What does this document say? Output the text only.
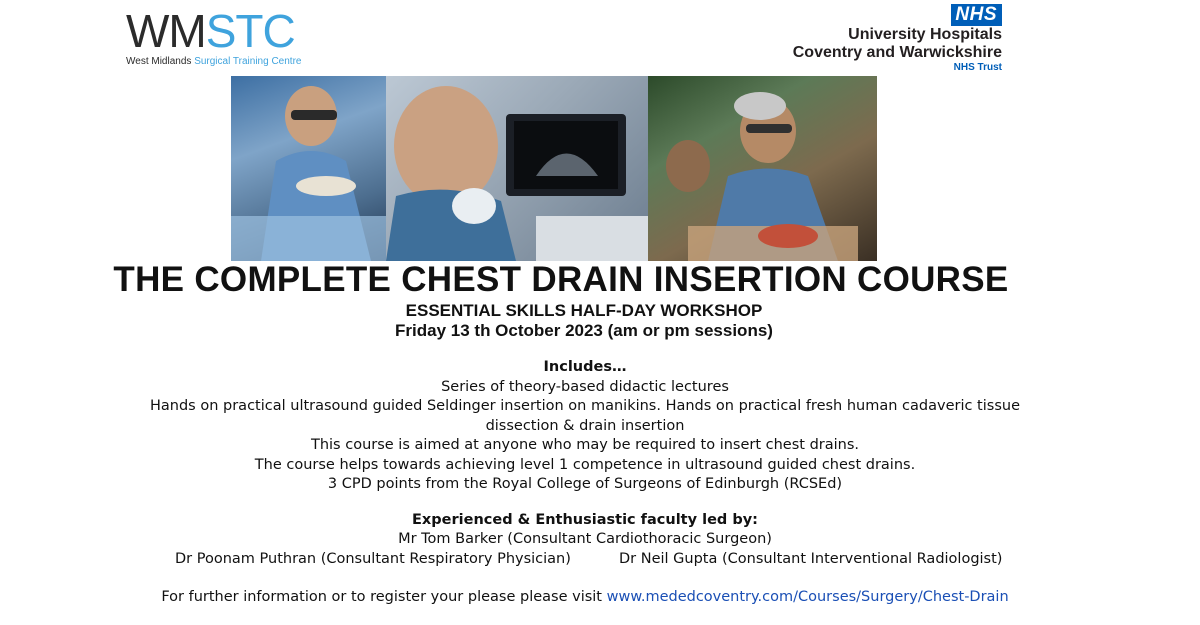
WMSTC
West Midlands Surgical Training Centre
NHS
University Hospitals
Coventry and Warwickshire
NHS Trust
THE COMPLETE CHEST DRAIN INSERTION COURSE
ESSENTIAL SKILLS HALF-DAY WORKSHOP
Friday 13 th October 2023 (am or pm sessions)
Includes…
Series of theory-based didactic lectures
Hands on practical ultrasound guided Seldinger insertion on manikins. Hands on practical fresh human cadaveric tissue
dissection & drain insertion
This course is aimed at anyone who may be required to insert chest drains.
The course helps towards achieving level 1 competence in ultrasound guided chest drains.
3 CPD points from the Royal College of Surgeons of Edinburgh (RCSEd)
Experienced & Enthusiastic faculty led by:
Mr Tom Barker (Consultant Cardiothoracic Surgeon)
Dr Poonam Puthran (Consultant Respiratory Physician)	Dr Neil Gupta (Consultant Interventional Radiologist)
For further information or to register your please please visit www.mededcoventry.com/Courses/Surgery/Chest-Drain
